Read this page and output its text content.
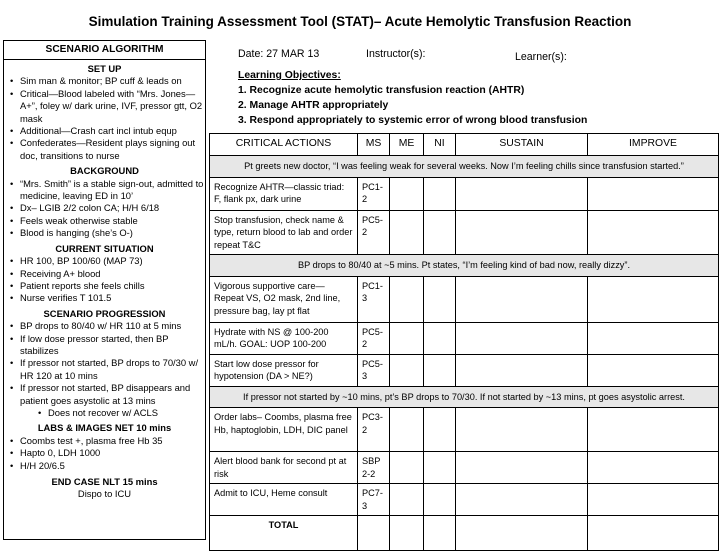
Simulation Training Assessment Tool (STAT)– Acute Hemolytic Transfusion Reaction
SCENARIO ALGORITHM
SET UP
• Sim man & monitor; BP cuff & leads on
• Critical—Blood labeled with “Mrs. Jones—A+”, foley w/ dark urine, IVF, pressor gtt, O2 mask
• Additional—Crash cart incl intub equp
• Confederates—Resident plays signing out doc, transitions to nurse
BACKGROUND
• “Mrs. Smith” is a stable sign-out, admitted to medicine, leaving ED in 10’
• Dx– LGIB 2/2 colon CA; H/H 6/18
• Feels weak otherwise stable
• Blood is hanging (she’s O-)
CURRENT SITUATION
• HR 100, BP 100/60 (MAP 73)
• Receiving A+ blood
• Patient reports she feels chills
• Nurse verifies T 101.5
SCENARIO PROGRESSION
• BP drops to 80/40 w/ HR 110 at 5 mins
• If low dose pressor started, then BP stabilizes
• If pressor not started, BP drops to 70/30 w/ HR 120 at 10 mins
• If pressor not started, BP disappears and patient goes asystolic at 13 mins
• Does not recover w/ ACLS
LABS & IMAGES NET 10 mins
• Coombs test +, plasma free Hb 35
• Hapto 0, LDH 1000
• H/H 20/6.5
END CASE NLT 15 mins
Dispo to ICU
Date: 27 MAR 13	Instructor(s):	Learner(s):
Learning Objectives:
1. Recognize acute hemolytic transfusion reaction (AHTR)
2. Manage AHTR appropriately
3. Respond appropriately to systemic error of wrong blood transfusion
CRITICAL ACTIONS	MS	ME	NI	SUSTAIN	IMPROVE
Pt greets new doctor, “I was feeling weak for several weeks. Now I’m feeling chills since transfusion started.”					
Recognize AHTR—classic triad: F, flank px, dark urine	PC1-2				
Stop transfusion, check name & type, return blood to lab and order repeat T&C	PC5-2				
BP drops to 80/40 at ~5 mins. Pt states, “I’m feeling kind of bad now, really dizzy”.					
Vigorous supportive care—Repeat VS, O2 mask, 2nd line, pressure bag, lay pt flat	PC1-3				
Hydrate with NS @ 100-200 mL/h. GOAL: UOP 100-200	PC5-2				
Start low dose pressor for hypotension (DA > NE?)	PC5-3				
If pressor not started by ~10 mins, pt’s BP drops to 70/30. If not started by ~13 mins, pt goes asystolic arrest.					
Order labs– Coombs, plasma free Hb, haptoglobin, LDH, DIC panel	PC3-2				
Alert blood bank for second pt at risk	SBP 2-2				
Admit to ICU, Heme consult	PC7-3				
TOTAL					
